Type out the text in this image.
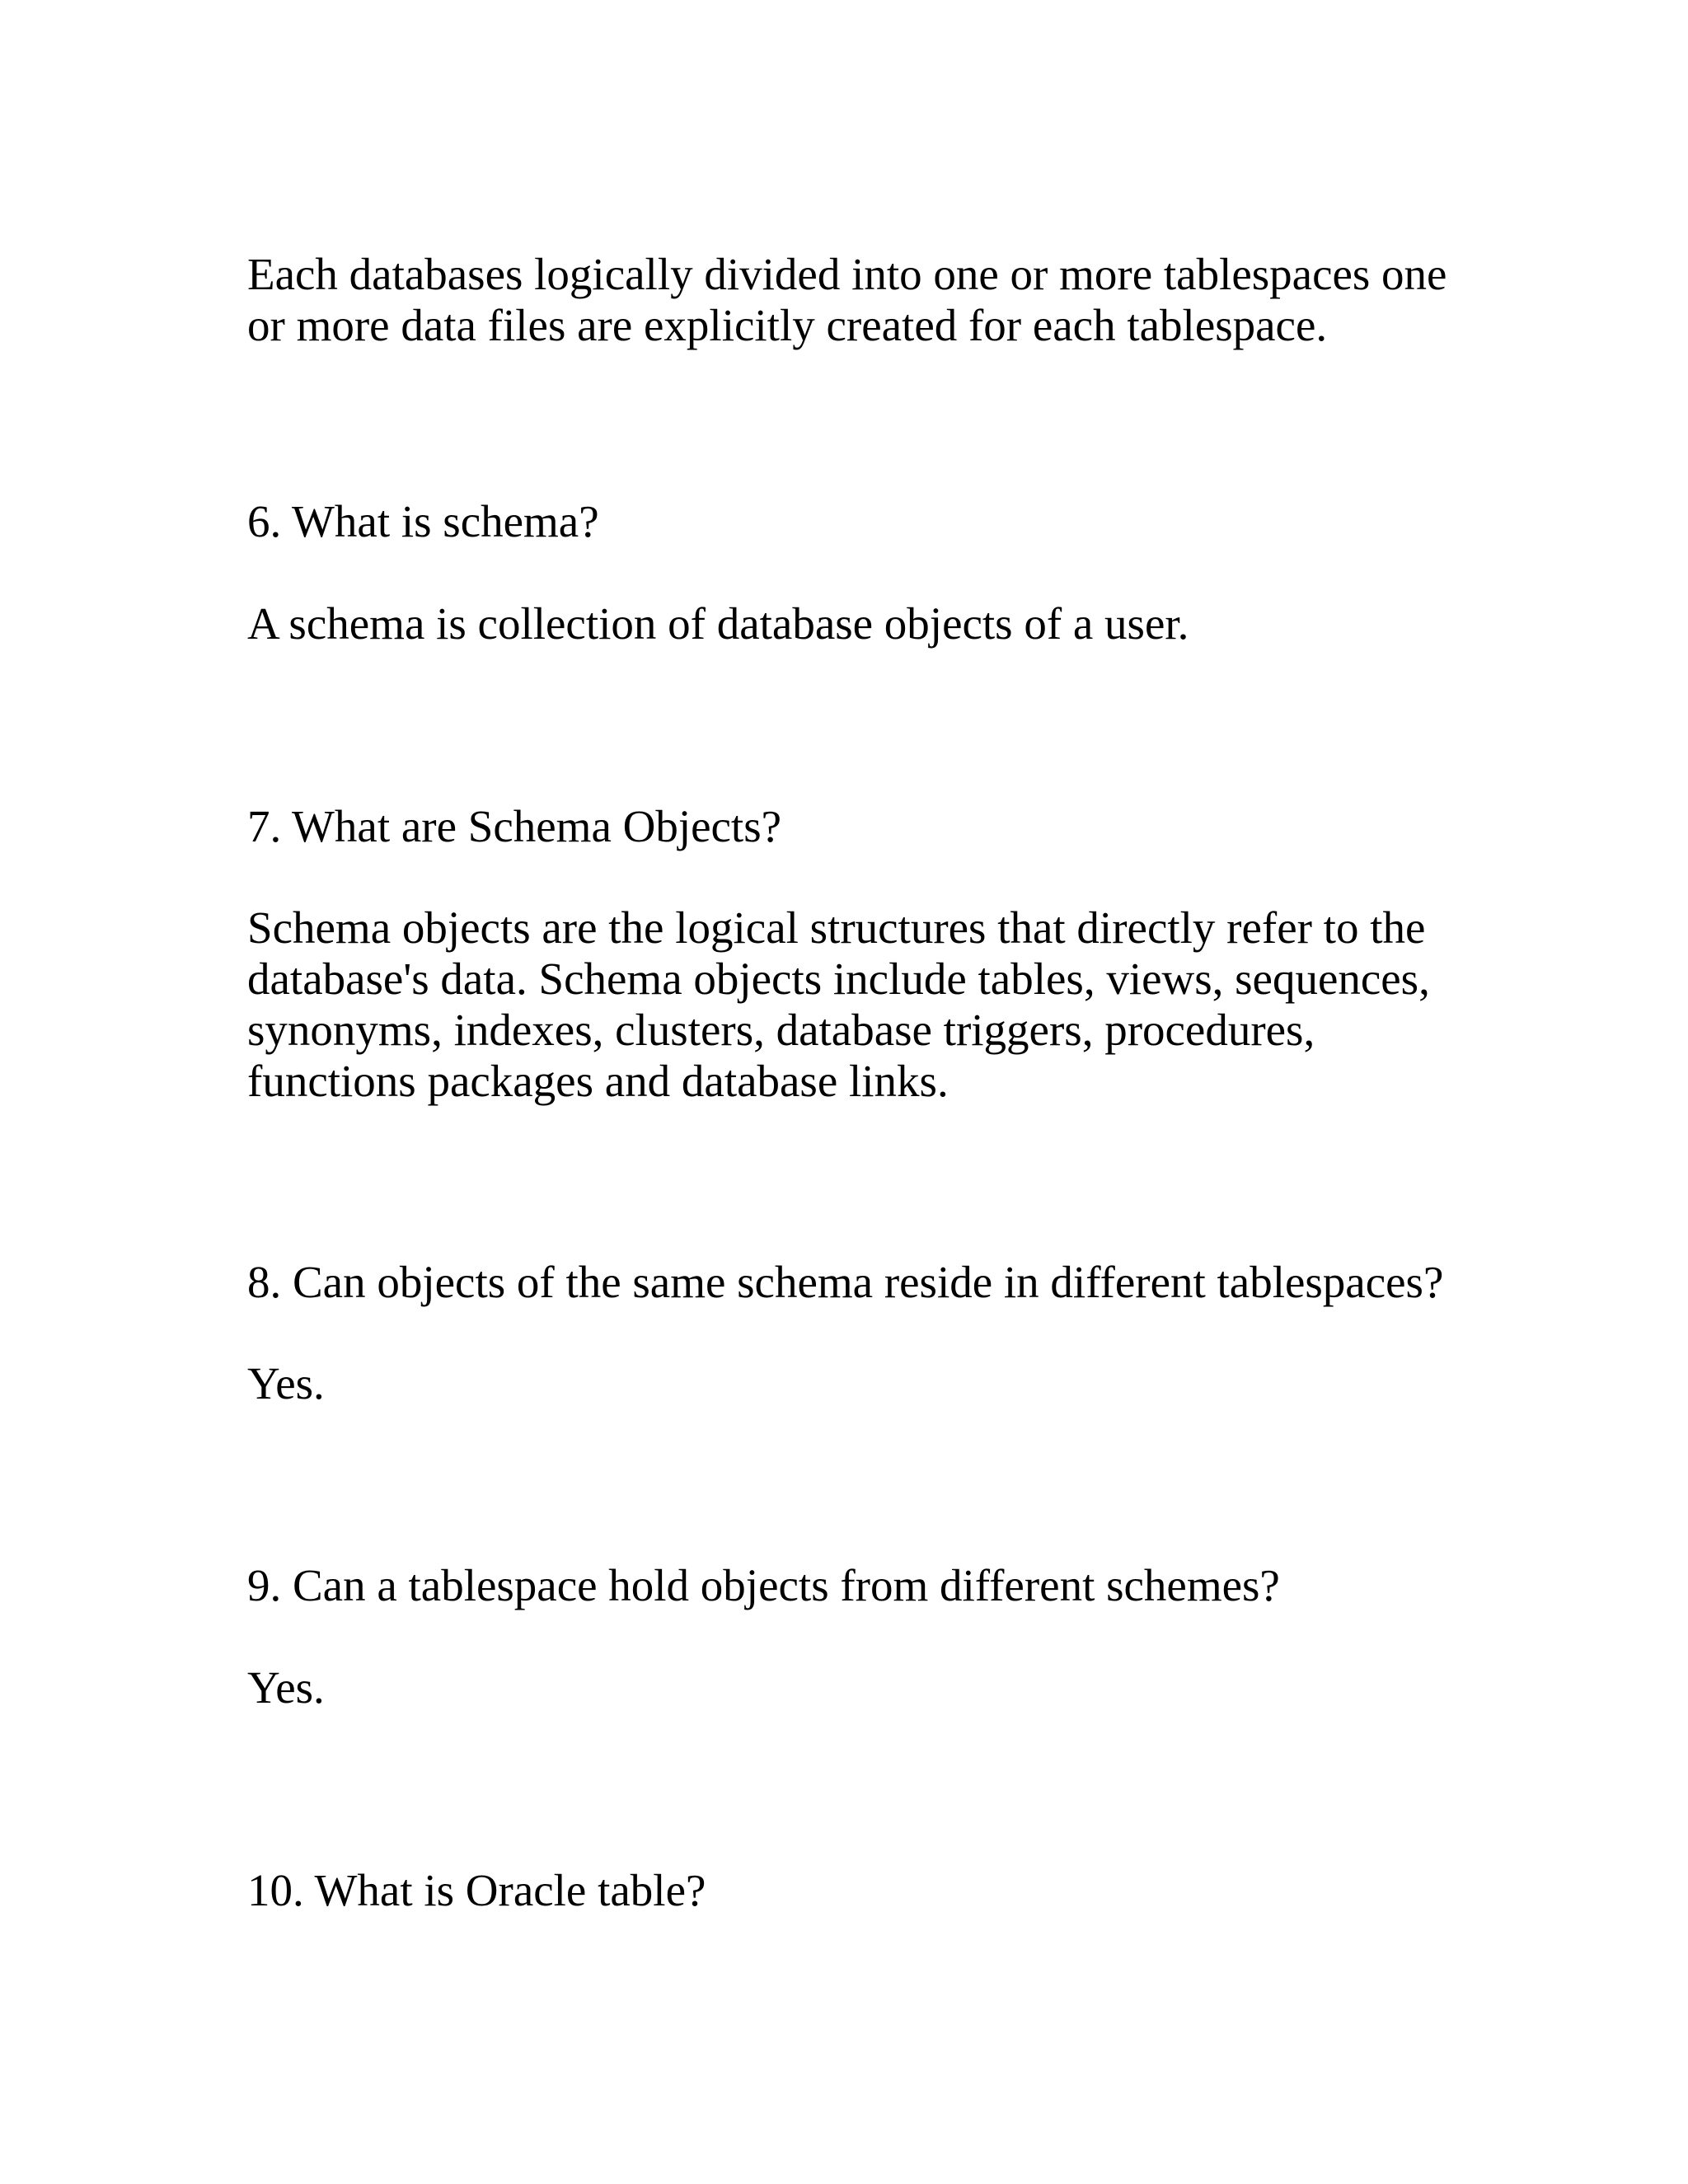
Each databases logically divided into one or more tablespaces one
or more data files are explicitly created for each tablespace.

6. What is schema?

A schema is collection of database objects of a user.

7. What are Schema Objects?

Schema objects are the logical structures that directly refer to the
database's data. Schema objects include tables, views, sequences,
synonyms, indexes, clusters, database triggers, procedures,
functions packages and database links.

8. Can objects of the same schema reside in different tablespaces?

Yes.

9. Can a tablespace hold objects from different schemes?

Yes.

10. What is Oracle table?
